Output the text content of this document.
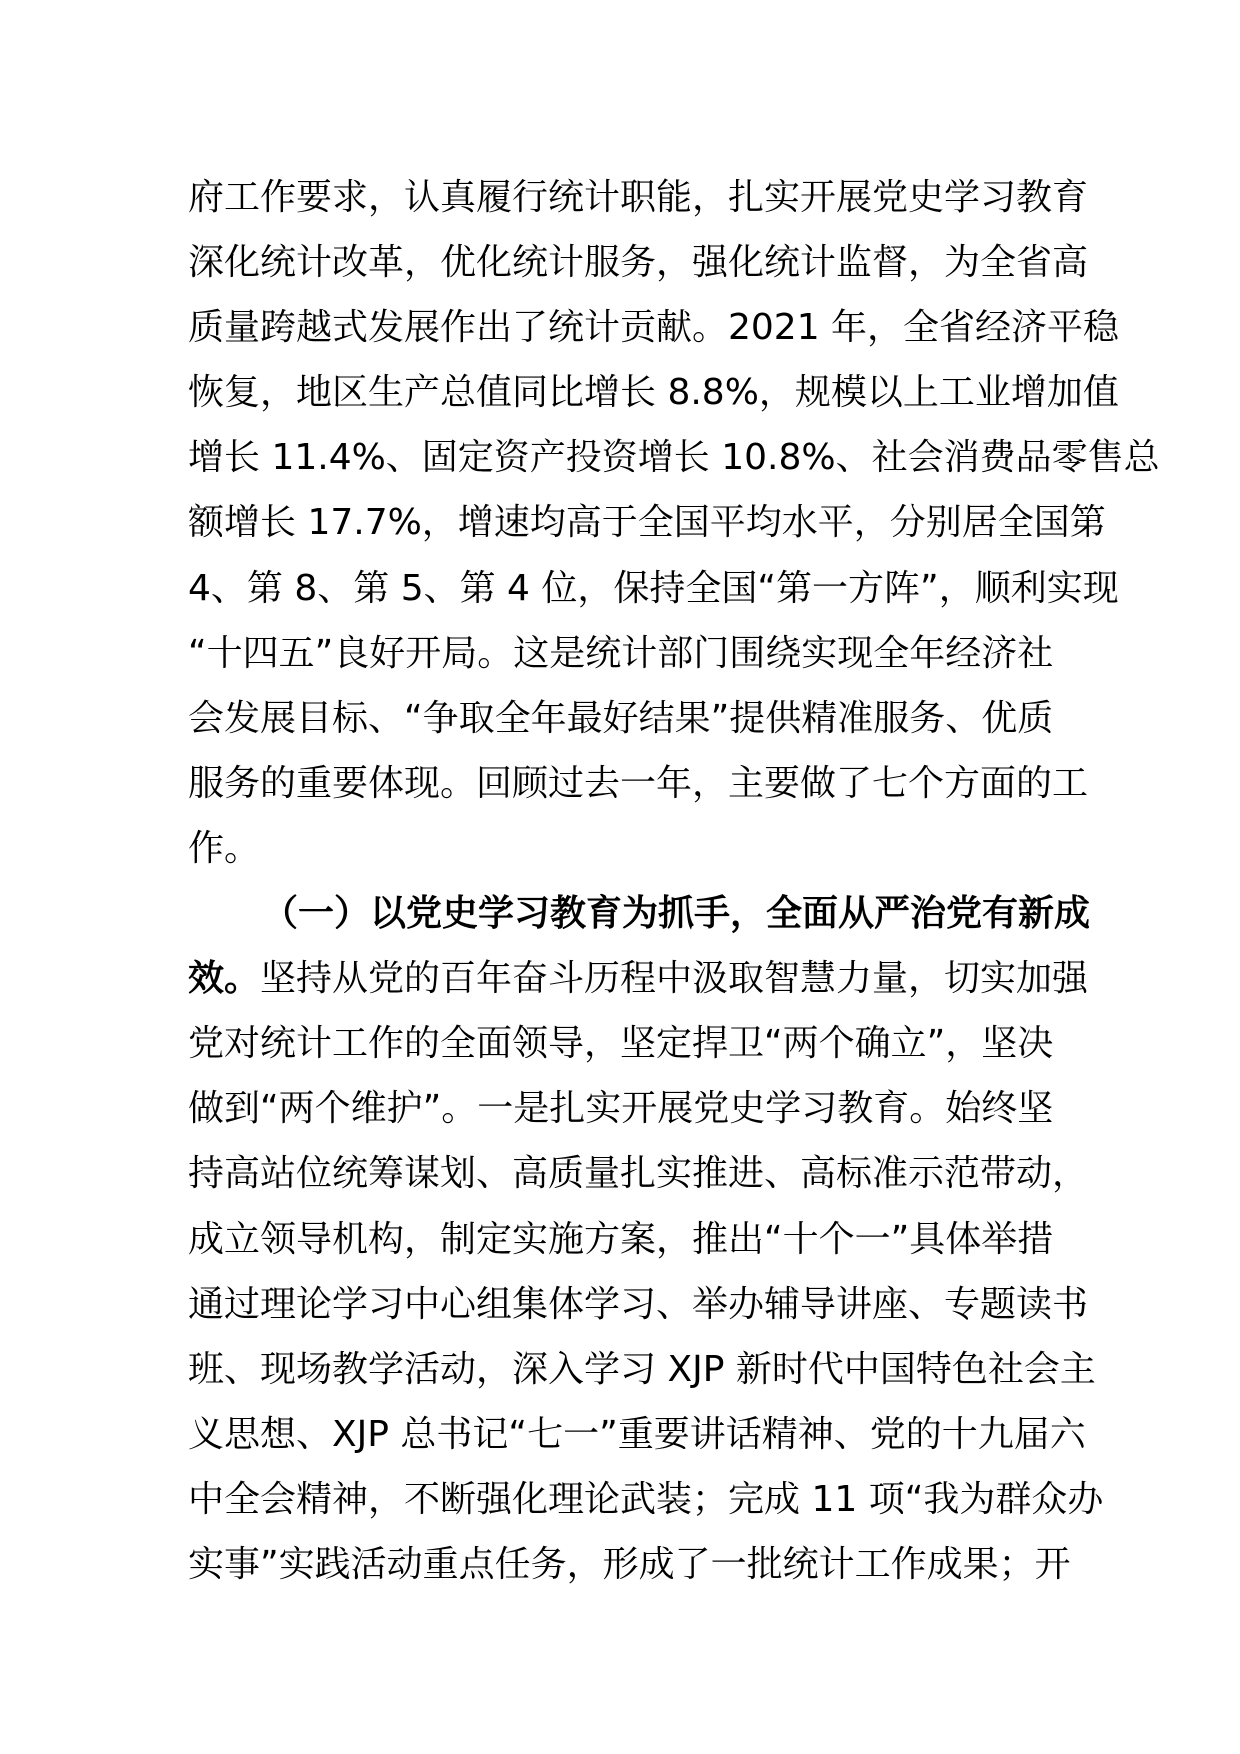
府工作要求，认真履行统计职能，扎实开展党史学习教育
深化统计改革，优化统计服务，强化统计监督，为全省高
质量跨越式发展作出了统计贡献。2021 年，全省经济平稳
恢复，地区生产总值同比增长 8.8%，规模以上工业增加值
增长 11.4%、固定资产投资增长 10.8%、社会消费品零售总
额增长 17.7%，增速均高于全国平均水平，分别居全国第
4、第 8、第 5、第 4 位，保持全国“第一方阵”，顺利实现
“十四五”良好开局。这是统计部门围绕实现全年经济社
会发展目标、“争取全年最好结果”提供精准服务、优质
服务的重要体现。回顾过去一年，主要做了七个方面的工
作。
（一）以党史学习教育为抓手，全面从严治党有新成
效。坚持从党的百年奋斗历程中汲取智慧力量，切实加强
党对统计工作的全面领导，坚定捍卫“两个确立”，坚决
做到“两个维护”。一是扎实开展党史学习教育。始终坚
持高站位统筹谋划、高质量扎实推进、高标准示范带动，
成立领导机构，制定实施方案，推出“十个一”具体举措
通过理论学习中心组集体学习、举办辅导讲座、专题读书
班、现场教学活动，深入学习 XJP 新时代中国特色社会主
义思想、XJP 总书记“七一”重要讲话精神、党的十九届六
中全会精神，不断强化理论武装；完成 11 项“我为群众办
实事”实践活动重点任务，形成了一批统计工作成果；开
